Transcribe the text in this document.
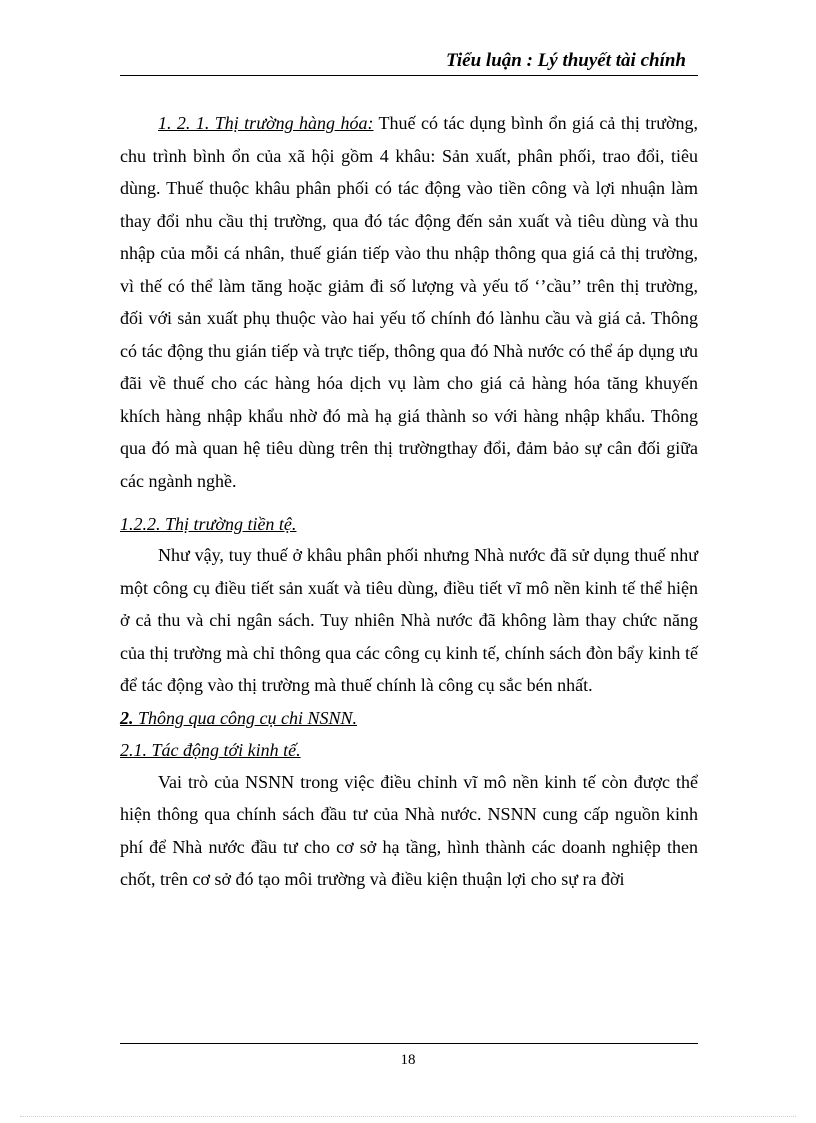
Tiểu luận : Lý thuyết tài chính

1. 2. 1. Thị trường hàng hóa: Thuế có tác dụng bình ổn giá cả thị trường, chu trình bình ổn của xã hội gồm 4 khâu: Sản xuất, phân phối, trao đổi, tiêu dùng. Thuế thuộc khâu phân phối có tác động vào tiền công và lợi nhuận làm thay đổi nhu cầu thị trường, qua đó tác động đến sản xuất và tiêu dùng và thu nhập của mỗi cá nhân, thuế gián tiếp vào thu nhập thông qua giá cả thị trường, vì thế có thể làm tăng hoặc giảm đi số lượng và yếu tố ‘’cầu’’ trên thị trường, đối với sản xuất phụ thuộc vào hai yếu tố chính đó lànhu cầu và giá cả. Thông có tác động thu gián tiếp và trực tiếp, thông qua đó Nhà nước có thể áp dụng ưu đãi về thuế cho các hàng hóa dịch vụ làm cho giá cả hàng hóa tăng khuyến khích hàng nhập khẩu nhờ đó mà hạ giá thành so với hàng nhập khẩu. Thông qua đó mà quan hệ tiêu dùng trên thị trườngthay đổi, đảm bảo sự cân đối giữa các ngành nghề.

1.2.2. Thị trường tiền tệ.

Như vậy, tuy thuế ở khâu phân phối nhưng Nhà nước đã sử dụng thuế như một công cụ điều tiết sản xuất và tiêu dùng, điều tiết vĩ mô nền kinh tế thể hiện ở cả thu và chi ngân sách. Tuy nhiên Nhà nước đã không làm thay chức năng của thị trường mà chỉ thông qua các công cụ kinh tế, chính sách đòn bẩy kinh tế để tác động vào thị trường mà thuế chính là công cụ sắc bén nhất.

2. Thông qua công cụ chi NSNN.

2.1. Tác động tới kinh tế.

Vai trò của NSNN trong việc điều chỉnh vĩ mô nền kinh tế còn được thể hiện thông qua chính sách đầu tư của Nhà nước. NSNN cung cấp nguồn kinh phí để Nhà nước đầu tư cho cơ sở hạ tầng, hình thành các doanh nghiệp then chốt, trên cơ sở đó tạo môi trường và điều kiện thuận lợi cho sự ra đời

18
